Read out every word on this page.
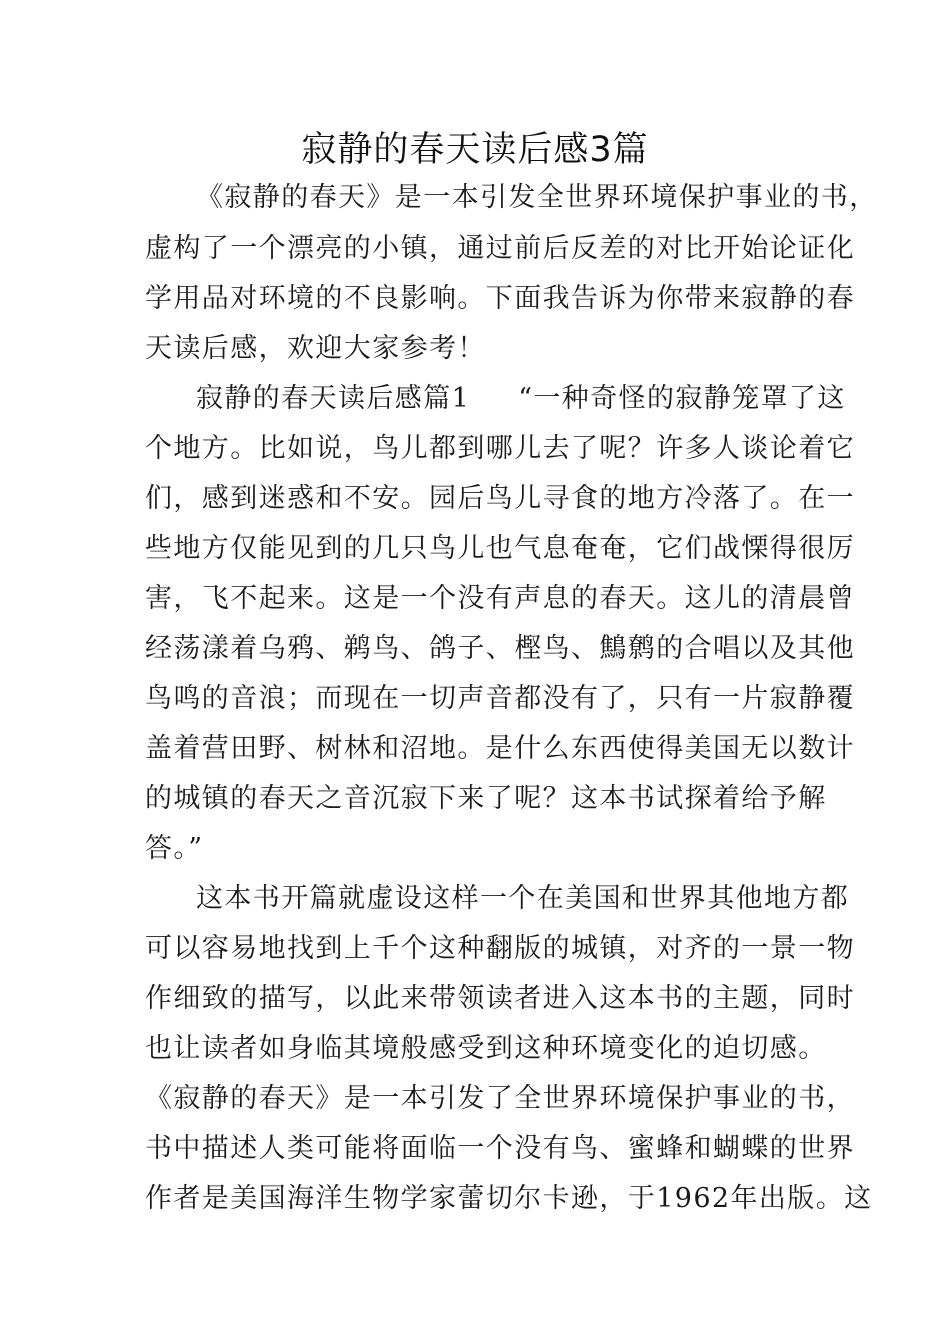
寂静的春天读后感3篇
《寂静的春天》是一本引发全世界环境保护事业的书，
虚构了一个漂亮的小镇，通过前后反差的对比开始论证化
学用品对环境的不良影响。下面我告诉为你带来寂静的春
天读后感，欢迎大家参考！
寂静的春天读后感篇1 “一种奇怪的寂静笼罩了这
个地方。比如说，鸟儿都到哪儿去了呢？许多人谈论着它
们，感到迷惑和不安。园后鸟儿寻食的地方冷落了。在一
些地方仅能见到的几只鸟儿也气息奄奄，它们战慄得很厉
害，飞不起来。这是一个没有声息的春天。这儿的清晨曾
经荡漾着乌鸦、鹈鸟、鸽子、樫鸟、鷦鹩的合唱以及其他
鸟鸣的音浪；而现在一切声音都没有了，只有一片寂静覆
盖着营田野、树林和沼地。是什么东西使得美国无以数计
的城镇的春天之音沉寂下来了呢？这本书试探着给予解
答。”
这本书开篇就虚设这样一个在美国和世界其他地方都
可以容易地找到上千个这种翻版的城镇，对齐的一景一物
作细致的描写，以此来带领读者进入这本书的主题，同时
也让读者如身临其境般感受到这种环境变化的迫切感。
《寂静的春天》是一本引发了全世界环境保护事业的书，
书中描述人类可能将面临一个没有鸟、蜜蜂和蝴蝶的世界
作者是美国海洋生物学家蕾切尔卡逊，于1962年出版。这
